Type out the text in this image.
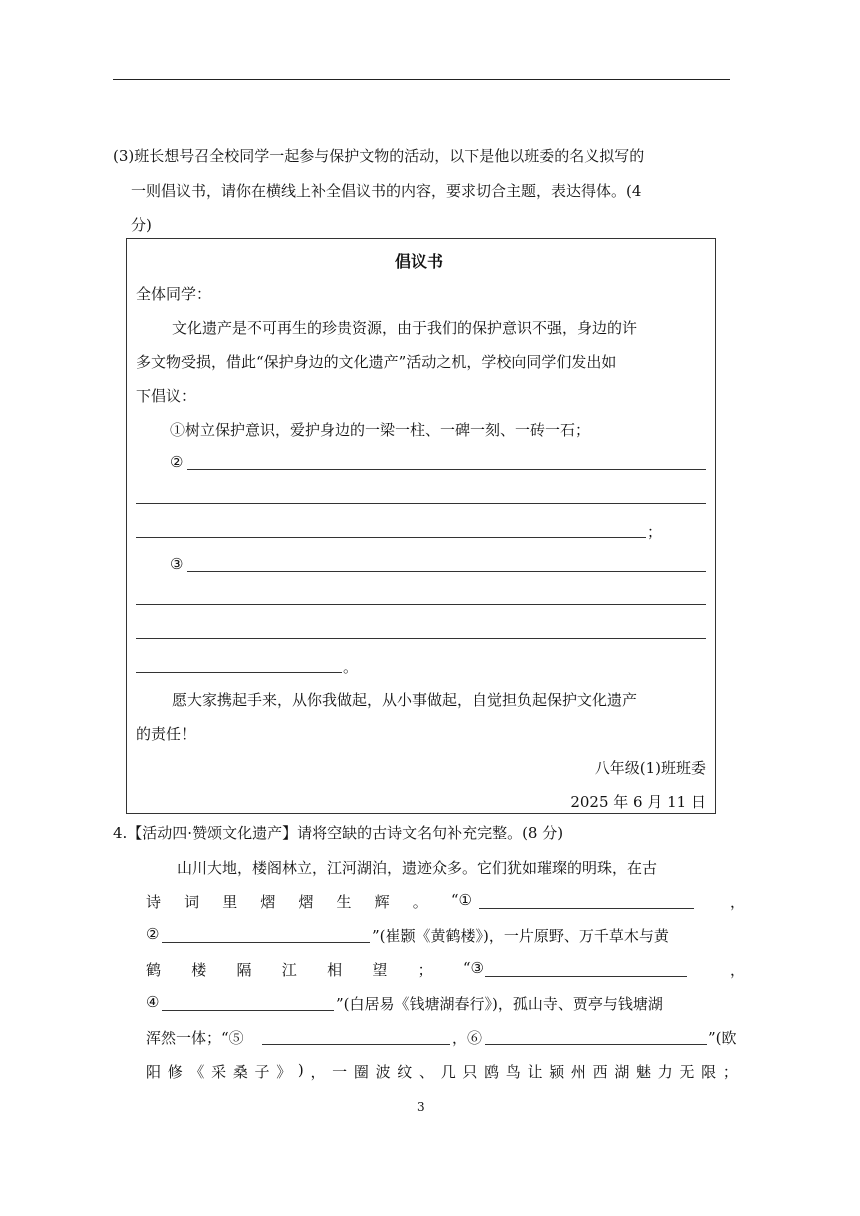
(3)班长想号召全校同学一起参与保护文物的活动，以下是他以班委的名义拟写的
一则倡议书，请你在横线上补全倡议书的内容，要求切合主题，表达得体。(4
分)
倡议书
全体同学：
文化遗产是不可再生的珍贵资源，由于我们的保护意识不强，身边的许
多文物受损，借此“保护身边的文化遗产”活动之机，学校向同学们发出如
下倡议：
①树立保护意识，爱护身边的一梁一柱、一碑一刻、一砖一石；
②
；
③
。
愿大家携起手来，从你我做起，从小事做起，自觉担负起保护文化遗产
的责任！
八年级(1)班班委
2025 年 6 月 11 日
4.【活动四·赞颂文化遗产】请将空缺的古诗文名句补充完整。(8 分)
山川大地，楼阁林立，江河湖泊，遗迹众多。它们犹如璀璨的明珠，在古
诗 词 里 熠 熠 生 辉 。 “①	，
②	”(崔颢《黄鹤楼》)，一片原野、万千草木与黄
鹤 楼 隔 江 相 望 ； “③	，
④	”(白居易《钱塘湖春行》)，孤山寺、贾亭与钱塘湖
浑然一体；“⑤	，⑥	”(欧
阳 修 《 采 桑 子 》 ) ， 一 圈 波 纹 、 几 只 鸥 鸟 让 颍 州 西 湖 魅 力 无 限 ；
3
